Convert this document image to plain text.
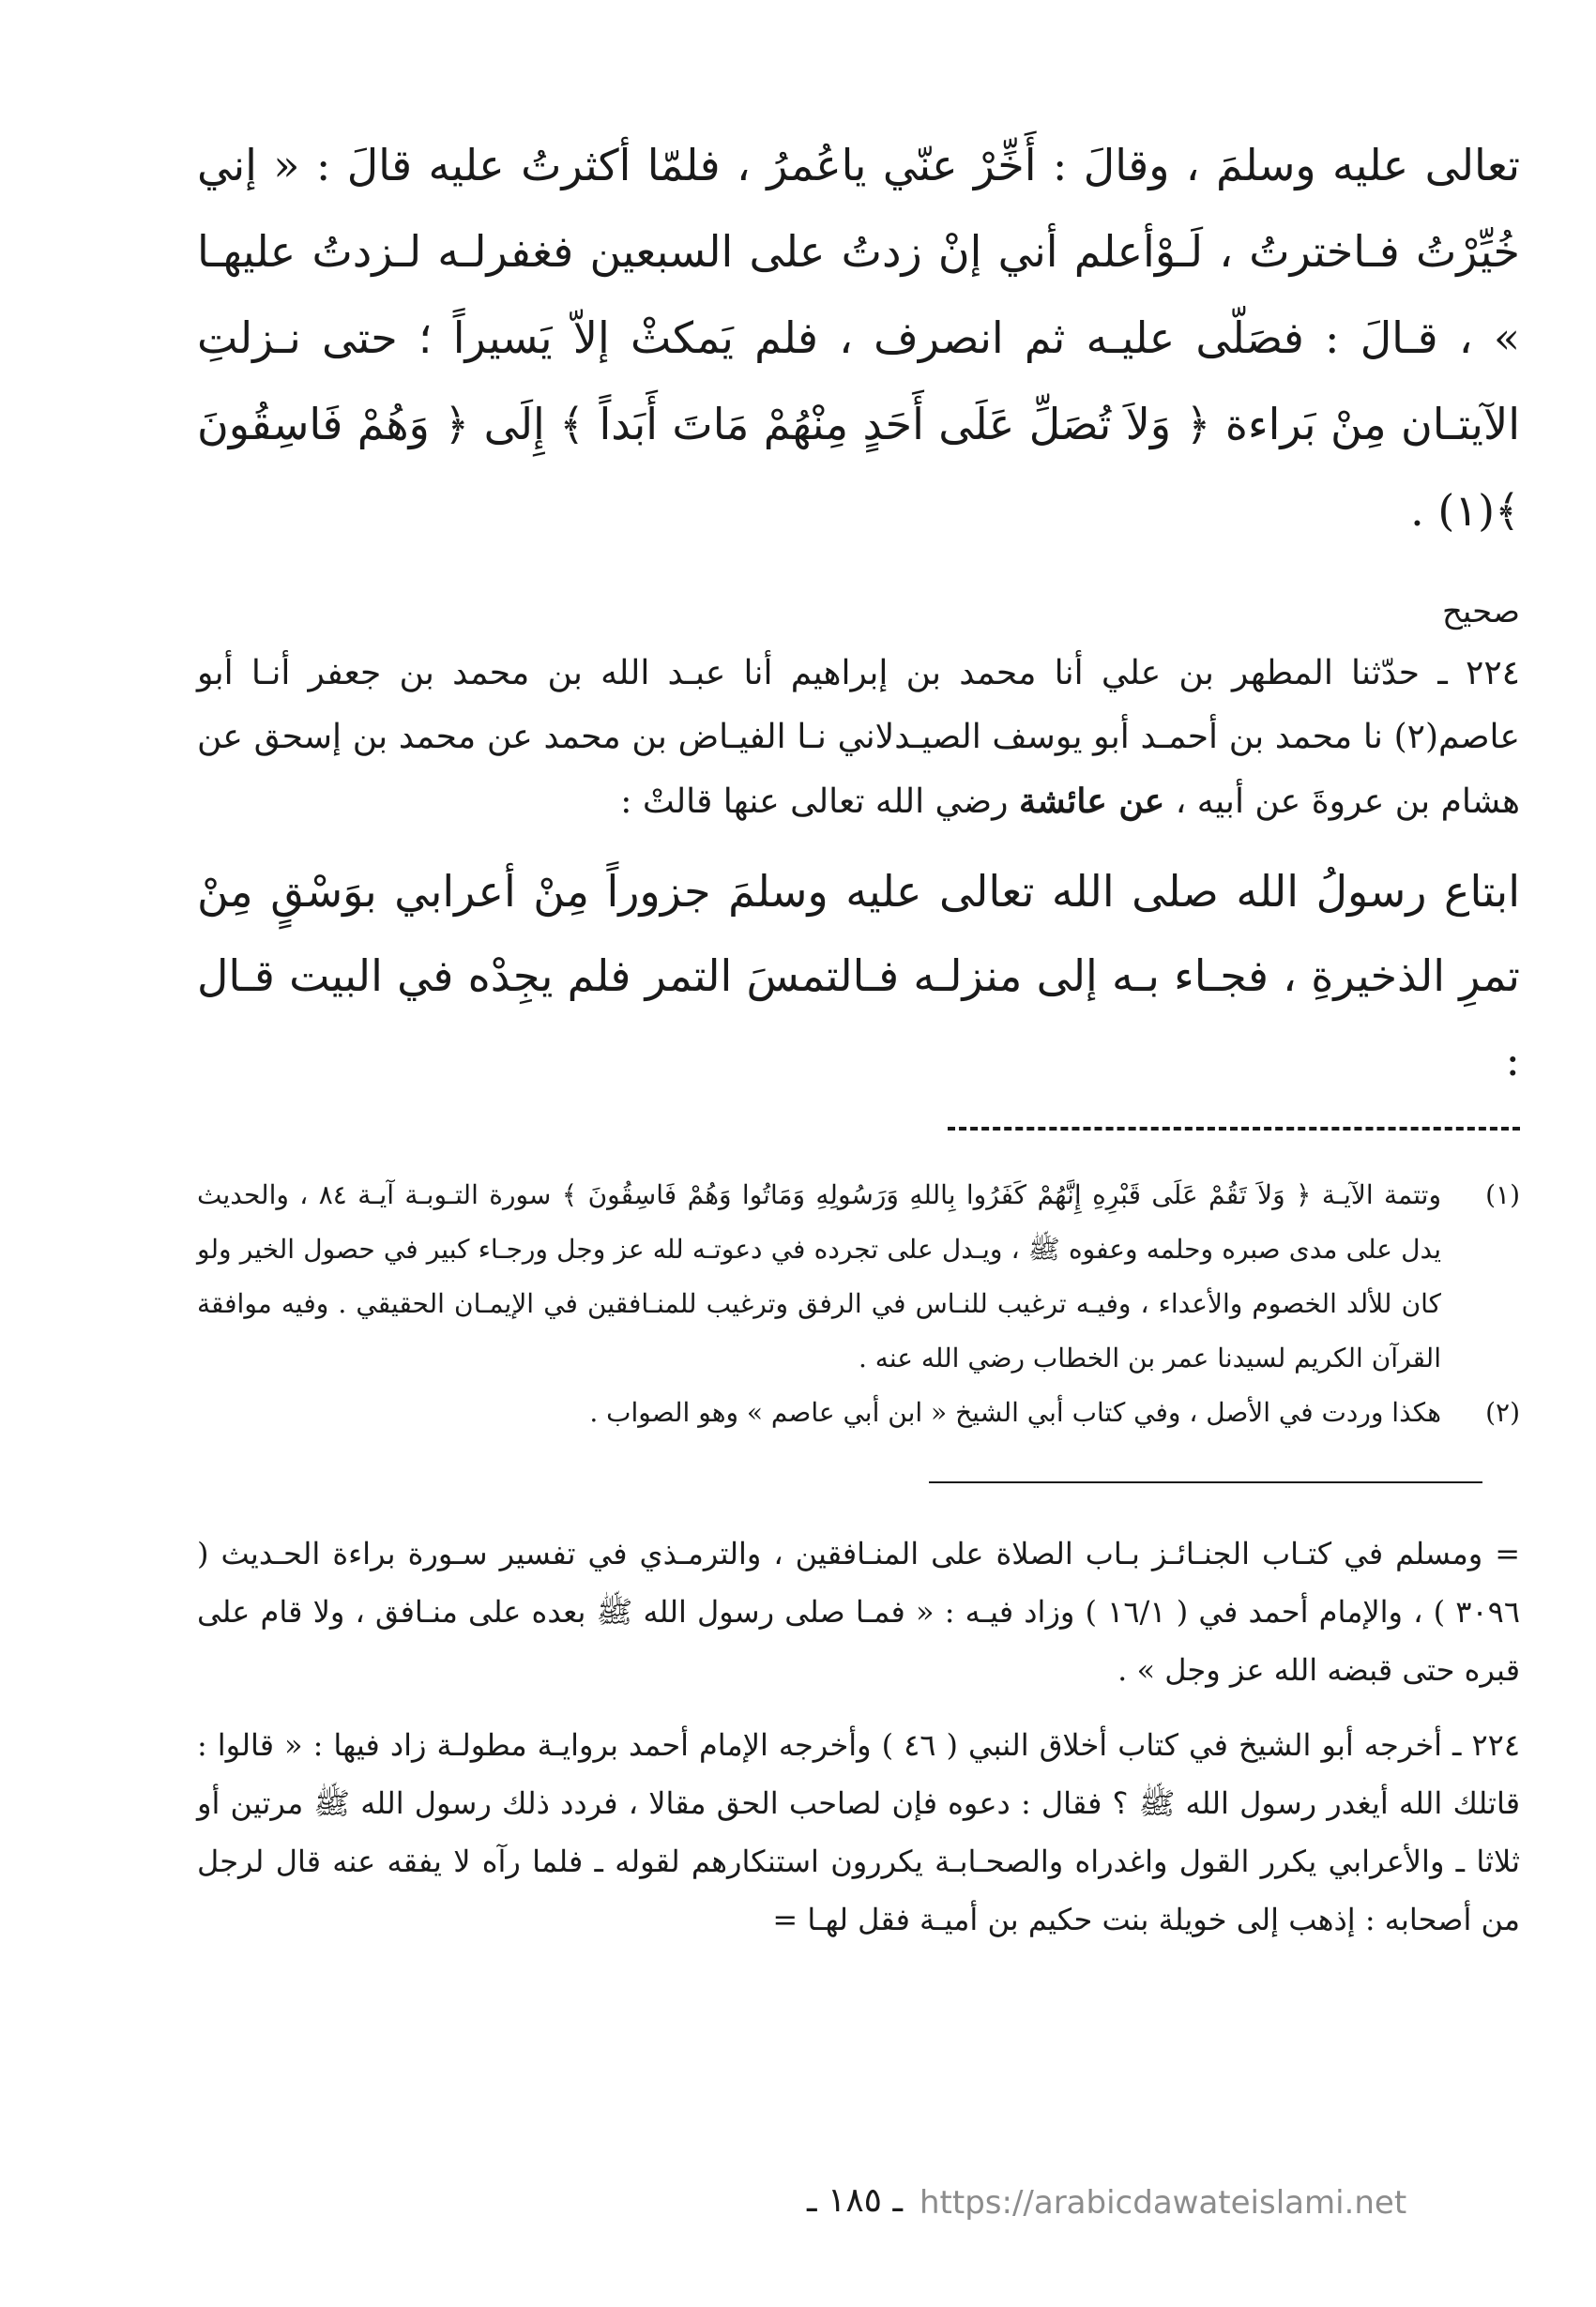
تعالى عليه وسلمَ ، وقالَ : أَخِّرْ عنّي ياعُمرُ ، فلمّا أكثرتُ عليه قالَ : « إني خُيِّرْتُ فـاخترتُ ، لَـوْأعلم أني إنْ زدتُ على السبعين فغفرلـه لـزدتُ عليهـا » ، قـالَ : فصَلّى عليـه ثم انصرف ، فلم يَمكثْ إلاّ يَسيراً ؛ حتى نـزلتِ الآيتـان مِنْ بَراءة ﴿ وَلاَ تُصَلِّ عَلَى أَحَدٍ مِنْهُمْ مَاتَ أَبَداً ﴾ إِلَى ﴿ وَهُمْ فَاسِقُونَ ﴾(١) .

صحيح

٢٢٤ ـ حدّثنا المطهر بن علي أنا محمد بن إبراهيم أنا عبـد الله بن محمد بن جعفر أنـا أبو عاصم(٢) نا محمد بن أحمـد أبو يوسف الصيـدلاني نـا الفيـاض بن محمد عن محمد بن إسحق عن هشام بن عروةَ عن أبيه ، عن عائشة رضي الله تعالى عنها قالتْ :

ابتاع رسولُ الله صلى الله تعالى عليه وسلمَ جزوراً مِنْ أعرابي بوَسْقٍ مِنْ تمرِ الذخيرةِ ، فجـاء بـه إلى منزلـه فـالتمسَ التمر فلم يجِدْه في البيت قـال :

(١)
وتتمة الآيـة ﴿ وَلاَ تَقُمْ عَلَى قَبْرِهِ إِنَّهُمْ كَفَرُوا بِاللهِ وَرَسُولِهِ وَمَاتُوا وَهُمْ فَاسِقُونَ ﴾ سورة التـوبـة آيـة ٨٤ ، والحديث يدل على مدى صبره وحلمه وعفوه ﷺ ، ويـدل على تجرده في دعوتـه لله عز وجل ورجـاء كبير في حصول الخير ولو كان للألد الخصوم والأعداء ، وفيـه ترغيب للنـاس في الرفق وترغيب للمنـافقين في الإيمـان الحقيقي . وفيه موافقة القرآن الكريم لسيدنا عمر بن الخطاب رضي الله عنه .
(٢)
هكذا وردت في الأصل ، وفي كتاب أبي الشيخ « ابن أبي عاصم » وهو الصواب .

= ومسلم في كتـاب الجنـائـز بـاب الصلاة على المنـافقين ، والترمـذي في تفسير سـورة براءة الحـديث ( ٣٠٩٦ ) ، والإمام أحمد في ( ١٦/١ ) وزاد فيـه : « فمـا صلى رسول الله ﷺ بعده على منـافق ، ولا قام على قبره حتى قبضه الله عز وجل » .

٢٢٤ ـ أخرجه أبو الشيخ في كتاب أخلاق النبي ( ٤٦ ) وأخرجه الإمام أحمد بروايـة مطولـة زاد فيها : « قالوا : قاتلك الله أيغدر رسول الله ﷺ ؟ فقال : دعوه فإن لصاحب الحق مقالا ، فردد ذلك رسول الله ﷺ مرتين أو ثلاثا ـ والأعرابي يكرر القول واغدراه والصحـابـة يكررون استنكارهم لقوله ـ فلما رآه لا يفقه عنه قال لرجل من أصحابه : إذهب إلى خويلة بنت حكيم بن أميـة فقل لهـا =

ـ ١٨٥ ـ https://arabicdawateislami.net
